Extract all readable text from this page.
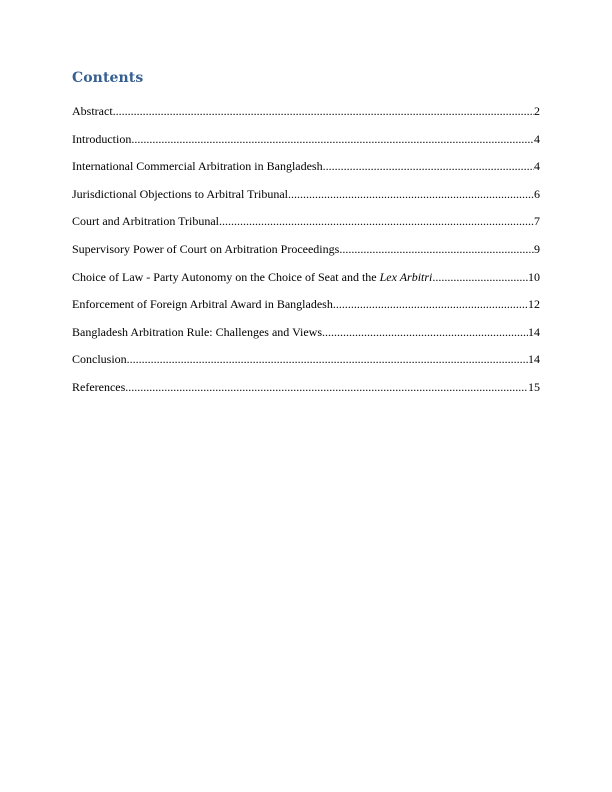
Contents
Abstract .....	2
Introduction .....	4
International Commercial Arbitration in Bangladesh .....	4
Jurisdictional Objections to Arbitral Tribunal .....	6
Court and Arbitration Tribunal .....	7
Supervisory Power of Court on Arbitration Proceedings .....	9
Choice of Law - Party Autonomy on the Choice of Seat and the Lex Arbitri .....	10
Enforcement of Foreign Arbitral Award in Bangladesh .....	12
Bangladesh Arbitration Rule: Challenges and Views .....	14
Conclusion .....	14
References .....	15
